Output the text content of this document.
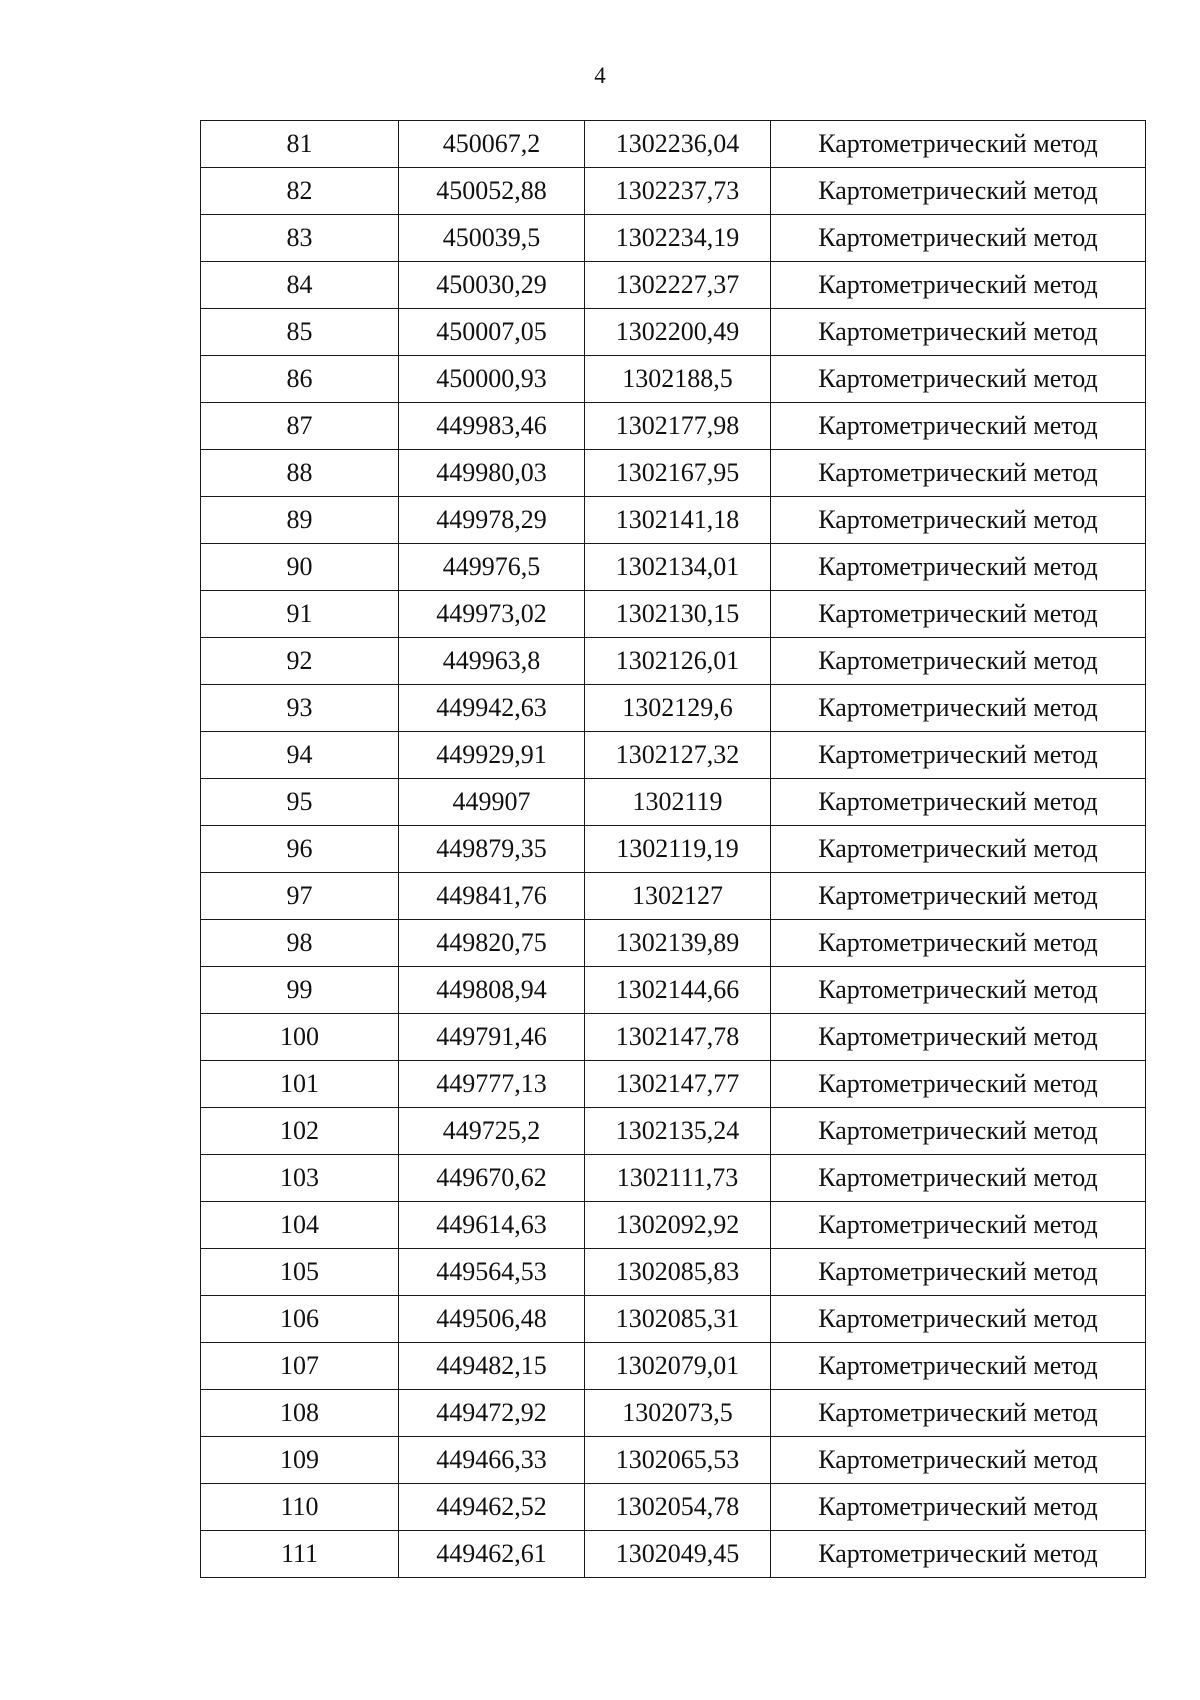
4
81	450067,2	1302236,04	Картометрический метод
82	450052,88	1302237,73	Картометрический метод
83	450039,5	1302234,19	Картометрический метод
84	450030,29	1302227,37	Картометрический метод
85	450007,05	1302200,49	Картометрический метод
86	450000,93	1302188,5	Картометрический метод
87	449983,46	1302177,98	Картометрический метод
88	449980,03	1302167,95	Картометрический метод
89	449978,29	1302141,18	Картометрический метод
90	449976,5	1302134,01	Картометрический метод
91	449973,02	1302130,15	Картометрический метод
92	449963,8	1302126,01	Картометрический метод
93	449942,63	1302129,6	Картометрический метод
94	449929,91	1302127,32	Картометрический метод
95	449907	1302119	Картометрический метод
96	449879,35	1302119,19	Картометрический метод
97	449841,76	1302127	Картометрический метод
98	449820,75	1302139,89	Картометрический метод
99	449808,94	1302144,66	Картометрический метод
100	449791,46	1302147,78	Картометрический метод
101	449777,13	1302147,77	Картометрический метод
102	449725,2	1302135,24	Картометрический метод
103	449670,62	1302111,73	Картометрический метод
104	449614,63	1302092,92	Картометрический метод
105	449564,53	1302085,83	Картометрический метод
106	449506,48	1302085,31	Картометрический метод
107	449482,15	1302079,01	Картометрический метод
108	449472,92	1302073,5	Картометрический метод
109	449466,33	1302065,53	Картометрический метод
110	449462,52	1302054,78	Картометрический метод
111	449462,61	1302049,45	Картометрический метод
